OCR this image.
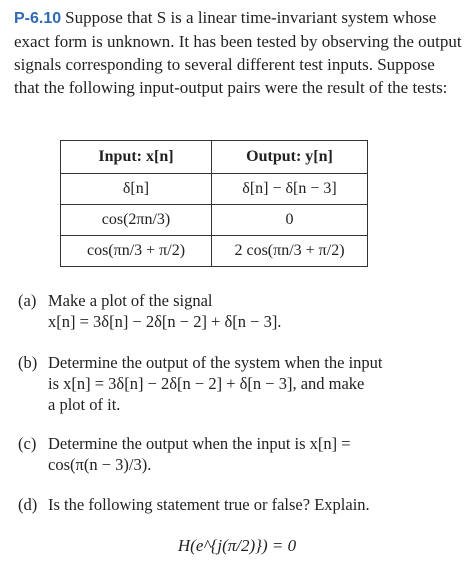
P-6.10 Suppose that S is a linear time-invariant system whose exact form is unknown. It has been tested by observing the output signals corresponding to several different test inputs. Suppose that the following input-output pairs were the result of the tests:

Input: x[n]	Output: y[n]
δ[n]	δ[n] − δ[n − 3]
cos(2πn/3)	0
cos(πn/3 + π/2)	2 cos(πn/3 + π/2)
(a) Make a plot of the signal
x[n] = 3δ[n] − 2δ[n − 2] + δ[n − 3].
(b) Determine the output of the system when the input
is x[n] = 3δ[n] − 2δ[n − 2] + δ[n − 3], and make
a plot of it.
(c) Determine the output when the input is x[n] =
cos(π(n − 3)/3).
(d) Is the following statement true or false? Explain.
H(e^{j(π/2)}) = 0
